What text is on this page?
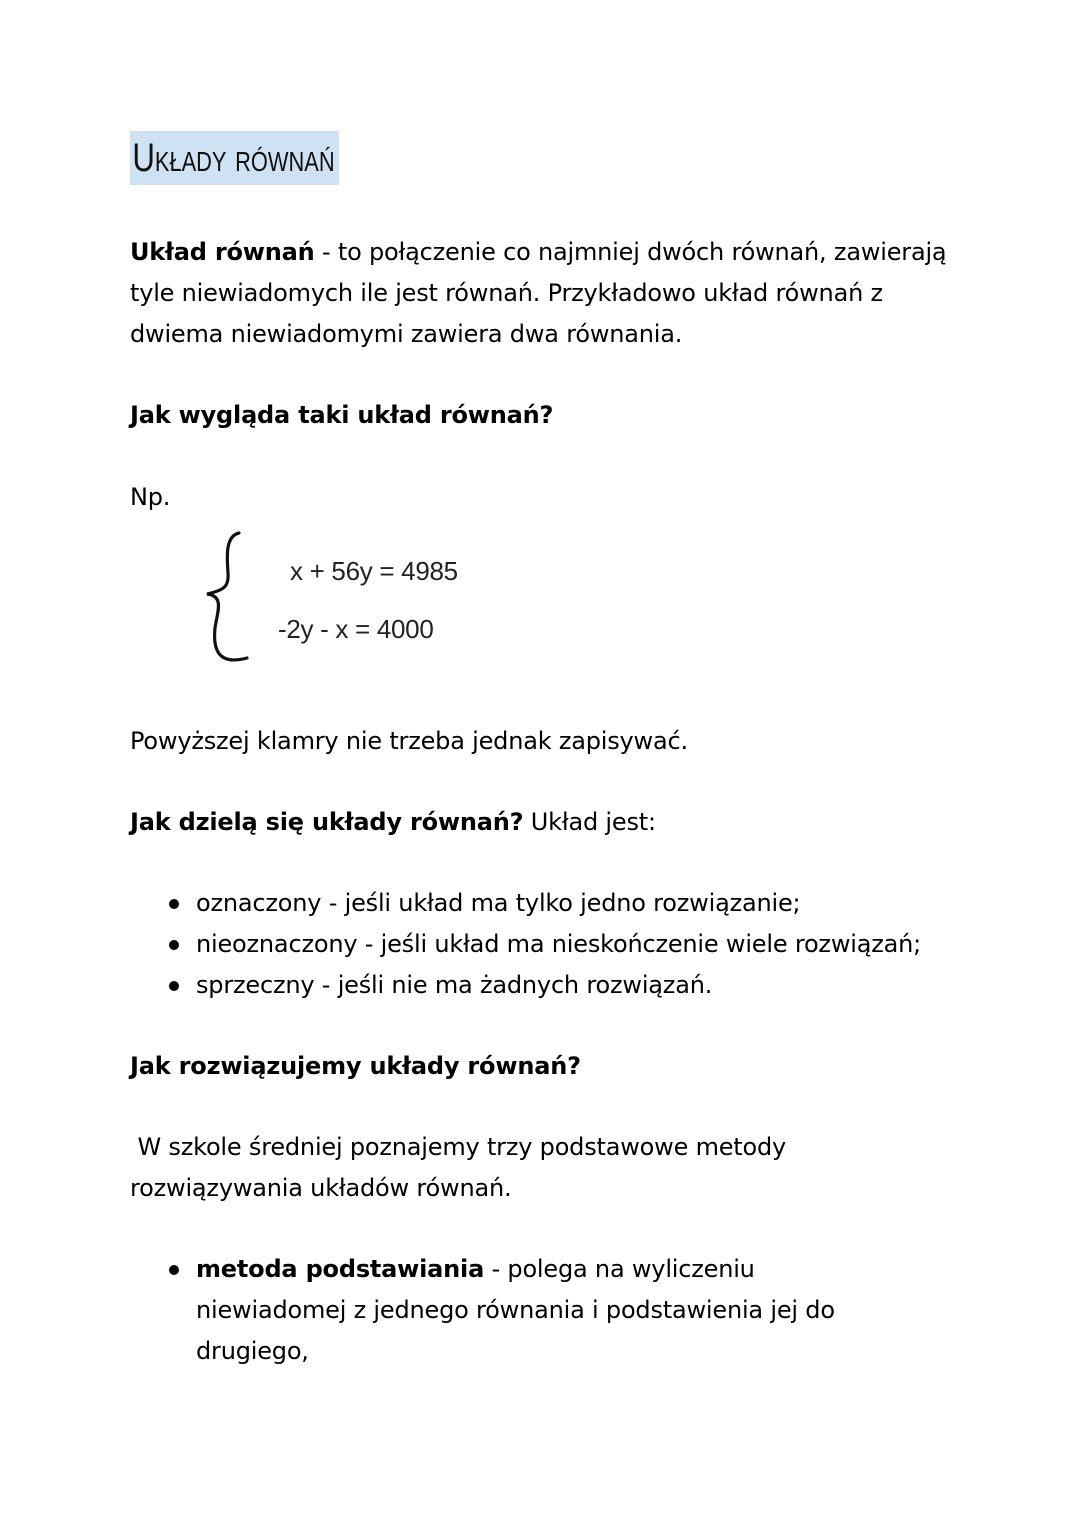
Układy równań

Układ równań - to połączenie co najmniej dwóch równań, zawierają tyle niewiadomych ile jest równań. Przykładowo układ równań z dwiema niewiadomymi zawiera dwa równania.

Jak wygląda taki układ równań?

Np.

x + 56y = 4985
-2y - x = 4000

Powyższej klamry nie trzeba jednak zapisywać.

Jak dzielą się układy równań? Układ jest:

oznaczony - jeśli układ ma tylko jedno rozwiązanie;
nieoznaczony - jeśli układ ma nieskończenie wiele rozwiązań;
sprzeczny - jeśli nie ma żadnych rozwiązań.

Jak rozwiązujemy układy równań?

W szkole średniej poznajemy trzy podstawowe metody rozwiązywania układów równań.

metoda podstawiania - polega na wyliczeniu niewiadomej z jednego równania i podstawienia jej do drugiego,
